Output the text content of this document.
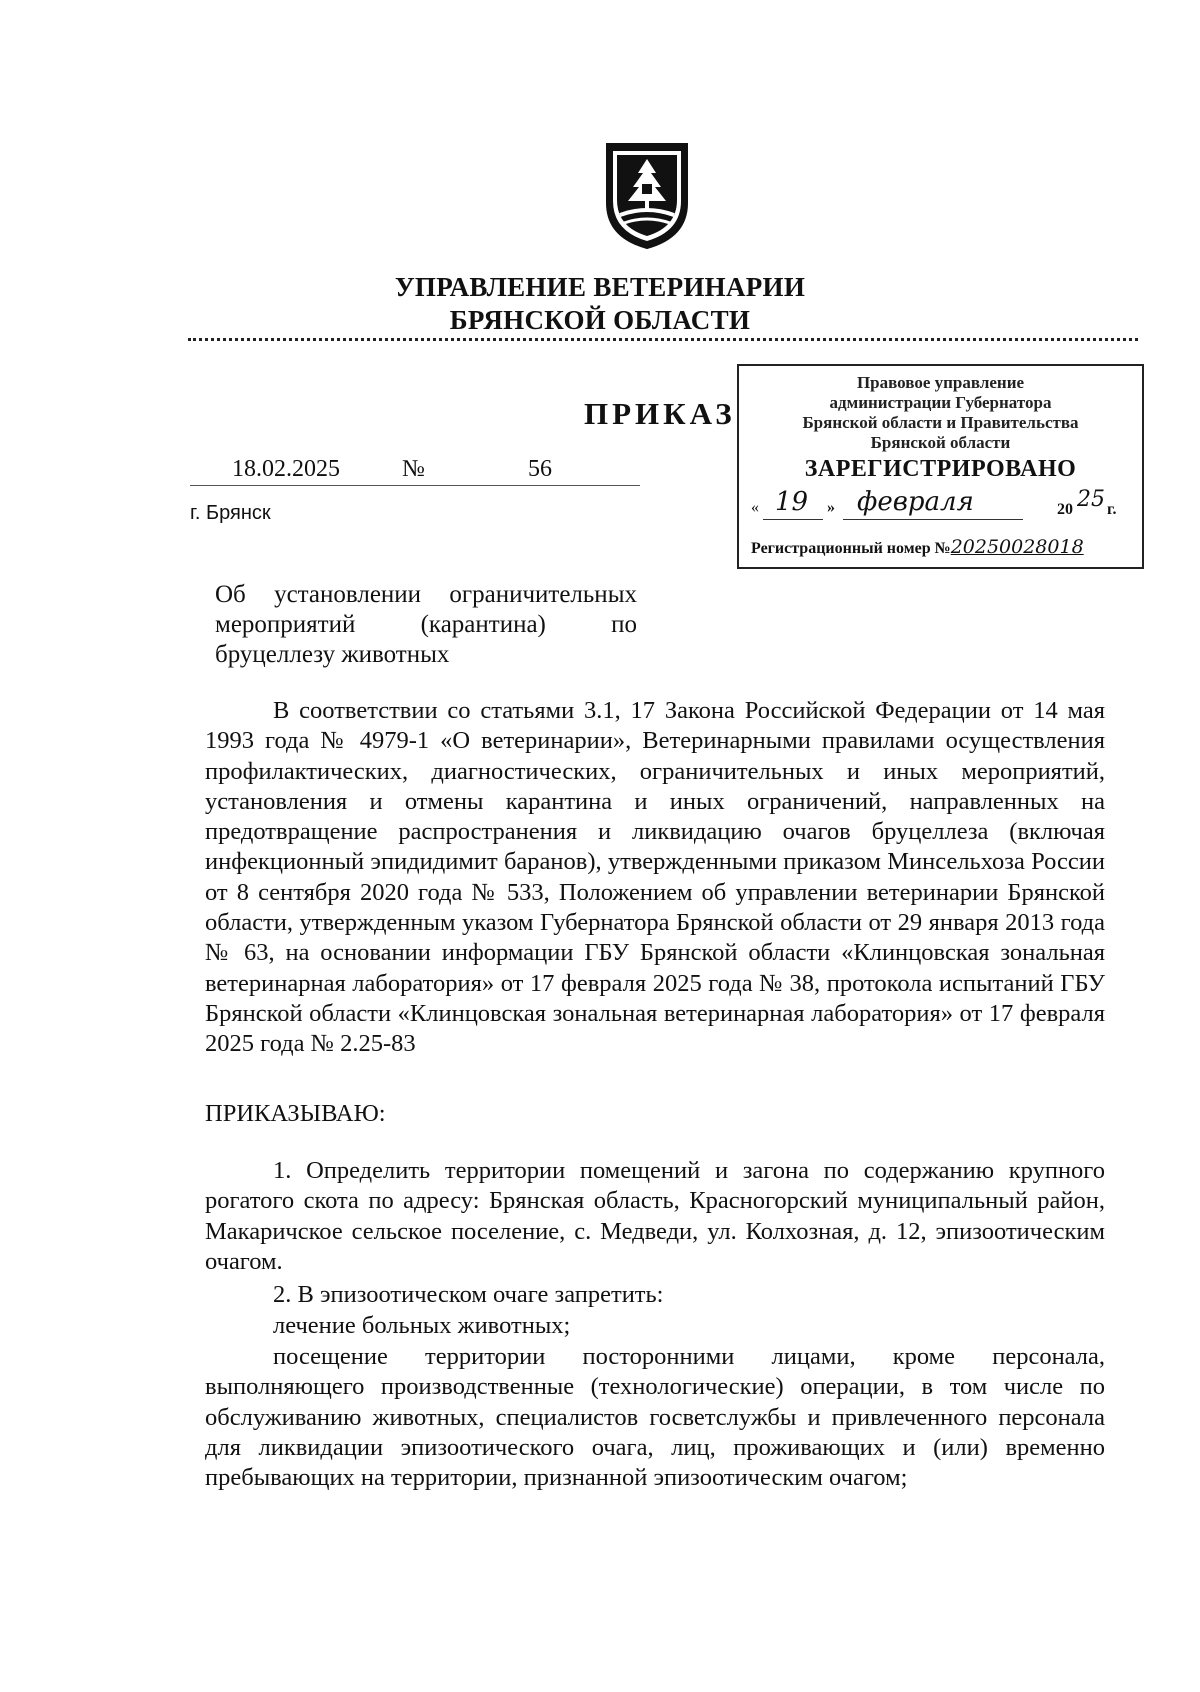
УПРАВЛЕНИЕ ВЕТЕРИНАРИИ
БРЯНСКОЙ ОБЛАСТИ
ПРИКАЗ
18.02.2025	№	56
г. Брянск
Правовое управление
администрации Губернатора
Брянской области и Правительства
Брянской области
ЗАРЕГИСТРИРОВАНО
« 19 » февраля	20 25 г.
Регистрационный номер №20250028018
Об установлении ограничительных мероприятий (карантина) по бруцеллезу животных
В соответствии со статьями 3.1, 17 Закона Российской Федерации от 14 мая 1993 года № 4979-1 «О ветеринарии», Ветеринарными правилами осуществления профилактических, диагностических, ограничительных и иных мероприятий, установления и отмены карантина и иных ограничений, направленных на предотвращение распространения и ликвидацию очагов бруцеллеза (включая инфекционный эпидидимит баранов), утвержденными приказом Минсельхоза России от 8 сентября 2020 года № 533, Положением об управлении ветеринарии Брянской области, утвержденным указом Губернатора Брянской области от 29 января 2013 года № 63, на основании информации ГБУ Брянской области «Клинцовская зональная ветеринарная лаборатория» от 17 февраля 2025 года № 38, протокола испытаний ГБУ Брянской области «Клинцовская зональная ветеринарная лаборатория» от 17 февраля 2025 года № 2.25-83
ПРИКАЗЫВАЮ:
1. Определить территории помещений и загона по содержанию крупного рогатого скота по адресу: Брянская область, Красногорский муниципальный район, Макаричское сельское поселение, с. Медведи, ул. Колхозная, д. 12, эпизоотическим очагом.
2. В эпизоотическом очаге запретить:
лечение больных животных;
посещение территории посторонними лицами, кроме персонала, выполняющего производственные (технологические) операции, в том числе по обслуживанию животных, специалистов госветслужбы и привлеченного персонала для ликвидации эпизоотического очага, лиц, проживающих и (или) временно пребывающих на территории, признанной эпизоотическим очагом;
